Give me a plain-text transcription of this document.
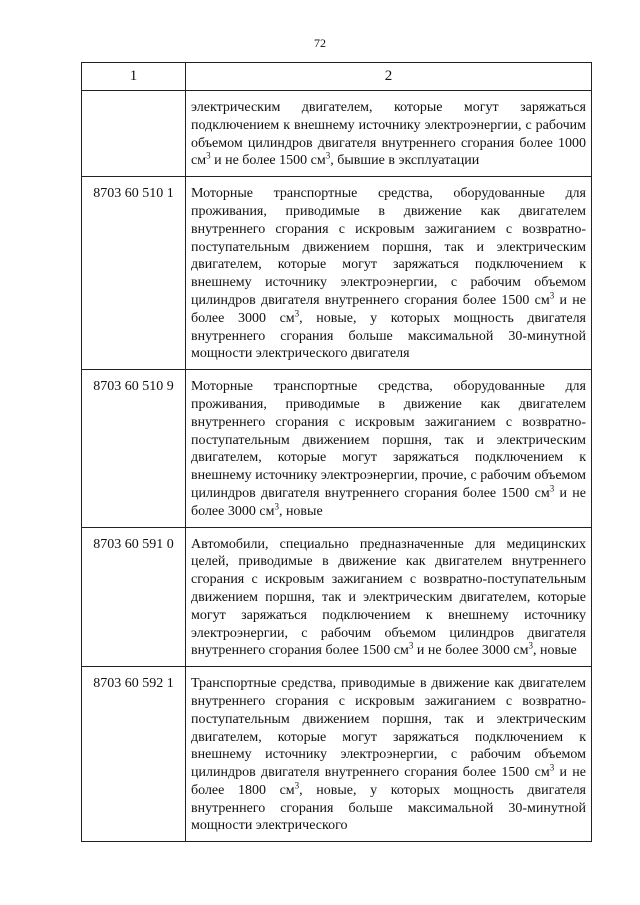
72
1	2
	электрическим двигателем, которые могут заряжаться подключением к внешнему источнику электроэнергии, с рабочим объемом цилиндров двигателя внутреннего сгорания более 1000 $см^3$ и не более 1500 $см^3$, бывшие в эксплуатации
8703 60 510 1	Моторные транспортные средства, оборудованные для проживания, приводимые в движение как двигателем внутреннего сгорания с искровым зажиганием с возвратно-поступательным движением поршня, так и электрическим двигателем, которые могут заряжаться подключением к внешнему источнику электроэнергии, с рабочим объемом цилиндров двигателя внутреннего сгорания более 1500 $см^3$ и не более 3000 $см^3$, новые, у которых мощность двигателя внутреннего сгорания больше максимальной 30-минутной мощности электрического двигателя
8703 60 510 9	Моторные транспортные средства, оборудованные для проживания, приводимые в движение как двигателем внутреннего сгорания с искровым зажиганием с возвратно-поступательным движением поршня, так и электрическим двигателем, которые могут заряжаться подключением к внешнему источнику электроэнергии, прочие, с рабочим объемом цилиндров двигателя внутреннего сгорания более 1500 $см^3$ и не более 3000 $см^3$, новые
8703 60 591 0	Автомобили, специально предназначенные для медицинских целей, приводимые в движение как двигателем внутреннего сгорания с искровым зажиганием с возвратно-поступательным движением поршня, так и электрическим двигателем, которые могут заряжаться подключением к внешнему источнику электроэнергии, с рабочим объемом цилиндров двигателя внутреннего сгорания более 1500 $см^3$ и не более 3000 $см^3$, новые
8703 60 592 1	Транспортные средства, приводимые в движение как двигателем внутреннего сгорания с искровым зажиганием с возвратно-поступательным движением поршня, так и электрическим двигателем, которые могут заряжаться подключением к внешнему источнику электроэнергии, с рабочим объемом цилиндров двигателя внутреннего сгорания более 1500 $см^3$ и не более 1800 $см^3$, новые, у которых мощность двигателя внутреннего сгорания больше максимальной 30-минутной мощности электрического
